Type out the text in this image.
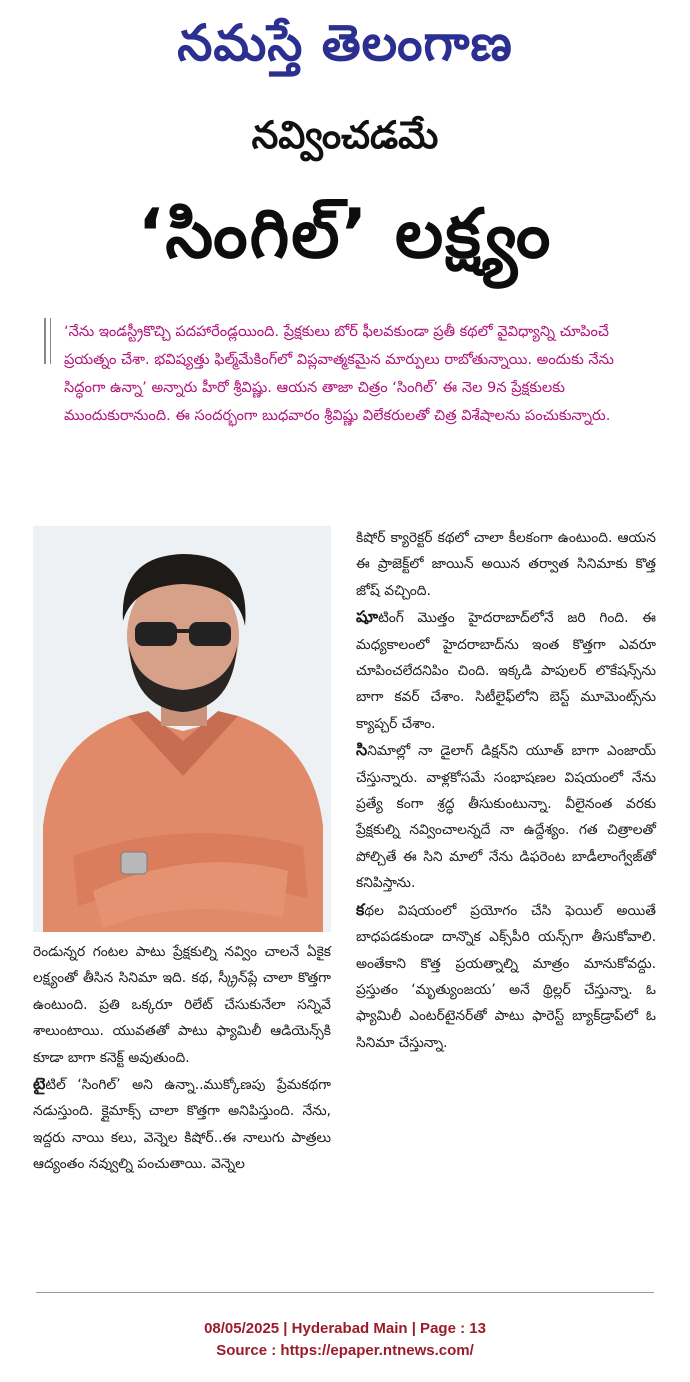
నమస్తే తెలంగాణ
నవ్వించడమే
‘సింగిల్’ లక్ష్యం
‘నేను ఇండస్ట్రీకొచ్చి పదహారేండ్లయింది. ప్రేక్షకులు బోర్ ఫీలవకుండా ప్రతీ కథలో వైవిధ్యాన్ని చూపించే ప్రయత్నం చేశా. భవిష్యత్తు ఫిల్మ్‌మేకింగ్‌లో విప్లవాత్మకమైన మార్పులు రాబోతున్నాయి. అందుకు నేను సిద్ధంగా ఉన్నా’ అన్నారు హీరో శ్రీవిష్ణు. ఆయన తాజా చిత్రం ‘సింగిల్’ ఈ నెల 9న ప్రేక్షకులకు ముందుకురానుంది. ఈ సందర్భంగా బుధవారం శ్రీవిష్ణు విలేకరులతో చిత్ర విశేషాలను పంచుకున్నారు.

రెండున్నర గంటల పాటు ప్రేక్షకుల్ని నవ్విం చాలనే ఏకైక లక్ష్యంతో తీసిన సినిమా ఇది. కథ, స్క్రీన్‌ప్లే చాలా కొత్తగా ఉంటుంది. ప్రతి ఒక్కరూ రిలేట్ చేసుకునేలా సన్నివే శాలుంటాయి. యువతతో పాటు ఫ్యామిలీ ఆడియెన్స్‌కి కూడా బాగా కనెక్ట్ అవుతుంది.

టైటిల్ ‘సింగిల్’ అని ఉన్నా..ముక్కోణపు ప్రేమకథగా నడుస్తుంది. క్లైమాక్స్ చాలా కొత్తగా అనిపిస్తుంది. నేను, ఇద్దరు నాయి కలు, వెన్నెల కిషోర్..ఈ నాలుగు పాత్రలు ఆద్యంతం నవ్వుల్ని పంచుతాయి. వెన్నెల

కిషోర్ క్యారెక్టర్ కథలో చాలా కీలకంగా ఉంటుంది. ఆయన ఈ ప్రాజెక్ట్‌లో జాయిన్ అయిన తర్వాత సినిమాకు కొత్త జోష్ వచ్చింది.

షూటింగ్ మొత్తం హైదరాబాద్‌లోనే జరి గింది. ఈ మధ్యకాలంలో హైదరాబాద్‌ను ఇంత కొత్తగా ఎవరూ చూపించలేదనిపిం చింది. ఇక్కడి పాపులర్ లొకేషన్స్‌ను బాగా కవర్ చేశాం. సిటీలైఫ్‌లోని బెస్ట్ మూమెంట్స్‌ను క్యాప్చర్ చేశాం.

సినిమాల్లో నా డైలాగ్ డిక్షన్‌ని యూత్ బాగా ఎంజాయ్ చేస్తున్నారు. వాళ్లకోసమే సంభాషణల విషయంలో నేను ప్రత్యే కంగా శ్రద్ధ తీసుకుంటున్నా. వీలైనంత వరకు ప్రేక్షకుల్ని నవ్వించాలన్నదే నా ఉద్దేశ్యం. గత చిత్రాలతో పోల్చితే ఈ సిని మాలో నేను డిఫరెంట బాడీలాంగ్వేజ్‌తో కనిపిస్తాను.

కథల విషయంలో ప్రయోగం చేసి ఫెయిల్ అయితే బాధపడకుండా దాన్నొక ఎక్స్‌పీరి యన్స్‌గా తీసుకోవాలి. అంతేకాని కొత్త ప్రయత్నాల్ని మాత్రం మానుకోవద్దు. ప్రస్తుతం ‘మృత్యుంజయ’ అనే థ్రిల్లర్ చేస్తున్నా. ఓ ఫ్యామిలీ ఎంటర్‌టైనర్‌తో పాటు ఫారెస్ట్ బ్యాక్‌డ్రాప్‌లో ఓ సినిమా చేస్తున్నా.

08/05/2025 | Hyderabad Main | Page : 13
Source : https://epaper.ntnews.com/
